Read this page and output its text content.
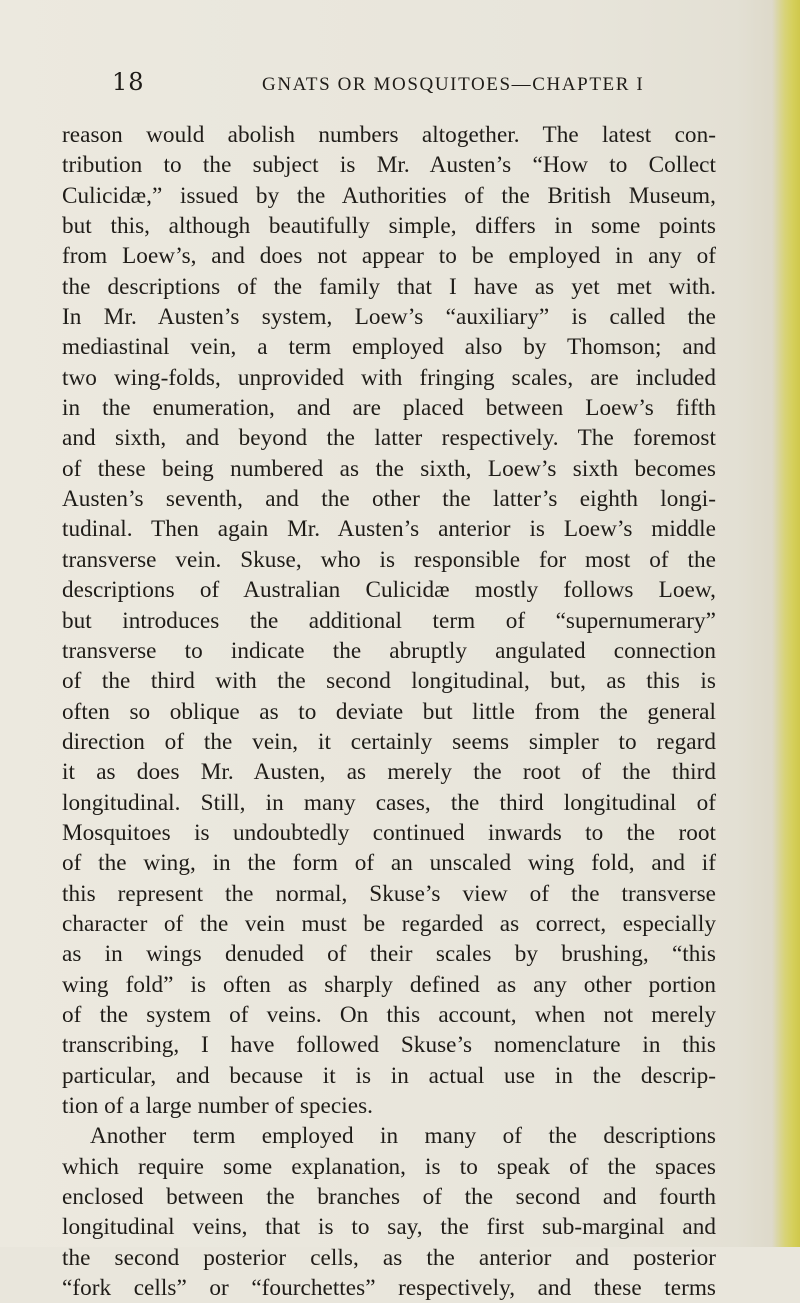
18	GNATS OR MOSQUITOES—CHAPTER I
reason would abolish numbers altogether. The latest con-
tribution to the subject is Mr. Austen’s “How to Collect
Culicidæ,” issued by the Authorities of the British Museum,
but this, although beautifully simple, differs in some points
from Loew’s, and does not appear to be employed in any of
the descriptions of the family that I have as yet met with.
In Mr. Austen’s system, Loew’s “auxiliary” is called the
mediastinal vein, a term employed also by Thomson; and
two wing-folds, unprovided with fringing scales, are included
in the enumeration, and are placed between Loew’s fifth
and sixth, and beyond the latter respectively. The foremost
of these being numbered as the sixth, Loew’s sixth becomes
Austen’s seventh, and the other the latter’s eighth longi-
tudinal. Then again Mr. Austen’s anterior is Loew’s middle
transverse vein. Skuse, who is responsible for most of the
descriptions of Australian Culicidæ mostly follows Loew,
but introduces the additional term of “supernumerary”
transverse to indicate the abruptly angulated connection
of the third with the second longitudinal, but, as this is
often so oblique as to deviate but little from the general
direction of the vein, it certainly seems simpler to regard
it as does Mr. Austen, as merely the root of the third
longitudinal. Still, in many cases, the third longitudinal of
Mosquitoes is undoubtedly continued inwards to the root
of the wing, in the form of an unscaled wing fold, and if
this represent the normal, Skuse’s view of the transverse
character of the vein must be regarded as correct, especially
as in wings denuded of their scales by brushing, “this
wing fold” is often as sharply defined as any other portion
of the system of veins. On this account, when not merely
transcribing, I have followed Skuse’s nomenclature in this
particular, and because it is in actual use in the descrip-
tion of a large number of species.
Another term employed in many of the descriptions
which require some explanation, is to speak of the spaces
enclosed between the branches of the second and fourth
longitudinal veins, that is to say, the first sub-marginal and
the second posterior cells, as the anterior and posterior
“fork cells” or “fourchettes” respectively, and these terms
